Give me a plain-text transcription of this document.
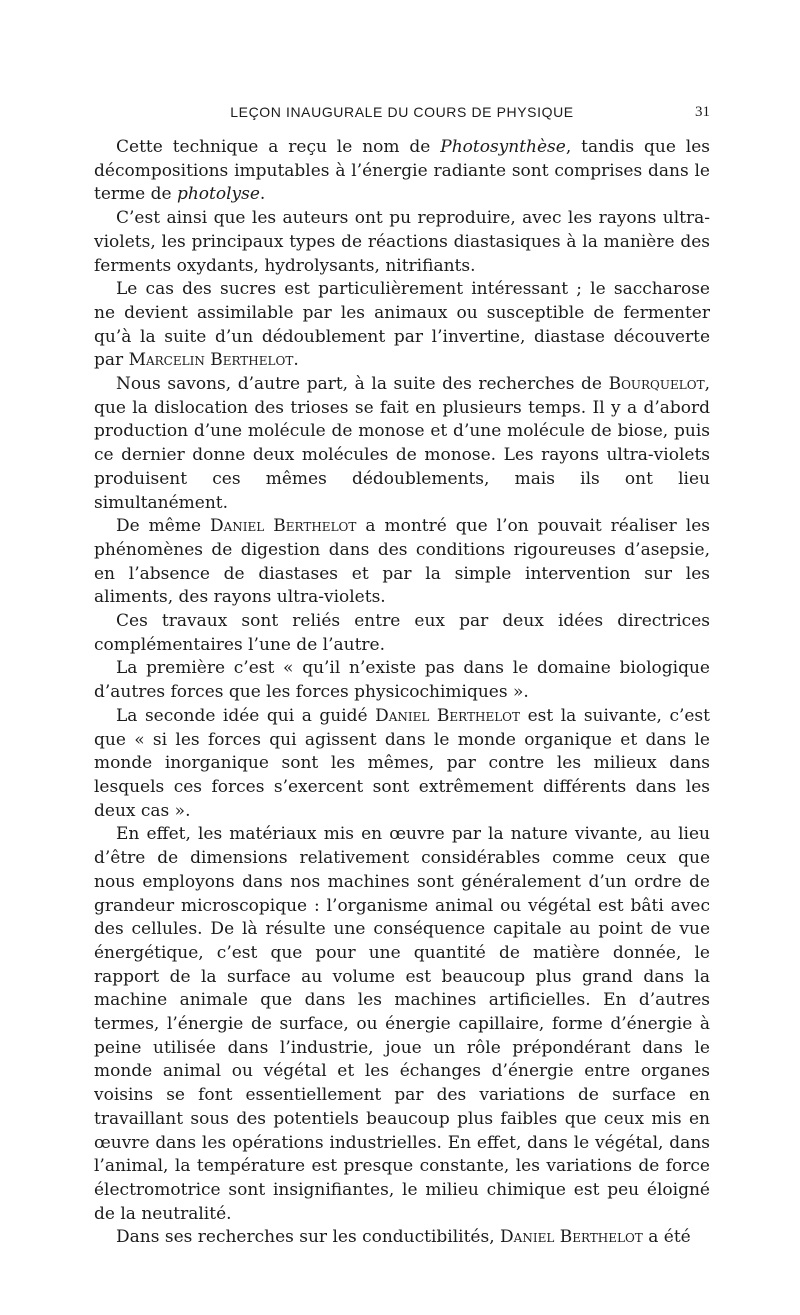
LEÇON INAUGURALE DU COURS DE PHYSIQUE	31

Cette technique a reçu le nom de Photosynthèse, tandis que les décompositions imputables à l’énergie radiante sont comprises dans le terme de photolyse.

C’est ainsi que les auteurs ont pu reproduire, avec les rayons ultra-violets, les principaux types de réactions diastasiques à la manière des ferments oxydants, hydrolysants, nitrifiants.

Le cas des sucres est particulièrement intéressant ; le saccharose ne devient assimilable par les animaux ou susceptible de fermenter qu’à la suite d’un dédoublement par l’invertine, diastase découverte par Marcelin Berthelot.

Nous savons, d’autre part, à la suite des recherches de Bourquelot, que la dislocation des trioses se fait en plusieurs temps. Il y a d’abord production d’une molécule de monose et d’une molécule de biose, puis ce dernier donne deux molécules de monose. Les rayons ultra-violets produisent ces mêmes dédoublements, mais ils ont lieu simultanément.

De même Daniel Berthelot a montré que l’on pouvait réaliser les phénomènes de digestion dans des conditions rigoureuses d’asepsie, en l’absence de diastases et par la simple intervention sur les aliments, des rayons ultra-violets.

Ces travaux sont reliés entre eux par deux idées directrices complémentaires l’une de l’autre.

La première c’est « qu’il n’existe pas dans le domaine biologique d’autres forces que les forces physicochimiques ».

La seconde idée qui a guidé Daniel Berthelot est la suivante, c’est que « si les forces qui agissent dans le monde organique et dans le monde inorganique sont les mêmes, par contre les milieux dans lesquels ces forces s’exercent sont extrêmement différents dans les deux cas ».

En effet, les matériaux mis en œuvre par la nature vivante, au lieu d’être de dimensions relativement considérables comme ceux que nous employons dans nos machines sont généralement d’un ordre de grandeur microscopique : l’organisme animal ou végétal est bâti avec des cellules. De là résulte une conséquence capitale au point de vue énergétique, c’est que pour une quantité de matière donnée, le rapport de la surface au volume est beaucoup plus grand dans la machine animale que dans les machines artificielles. En d’autres termes, l’énergie de surface, ou énergie capillaire, forme d’énergie à peine utilisée dans l’industrie, joue un rôle prépondérant dans le monde animal ou végétal et les échanges d’énergie entre organes voisins se font essentiellement par des variations de surface en travaillant sous des potentiels beaucoup plus faibles que ceux mis en œuvre dans les opérations industrielles. En effet, dans le végétal, dans l’animal, la température est presque constante, les variations de force électromotrice sont insignifiantes, le milieu chimique est peu éloigné de la neutralité.

Dans ses recherches sur les conductibilités, Daniel Berthelot a été
